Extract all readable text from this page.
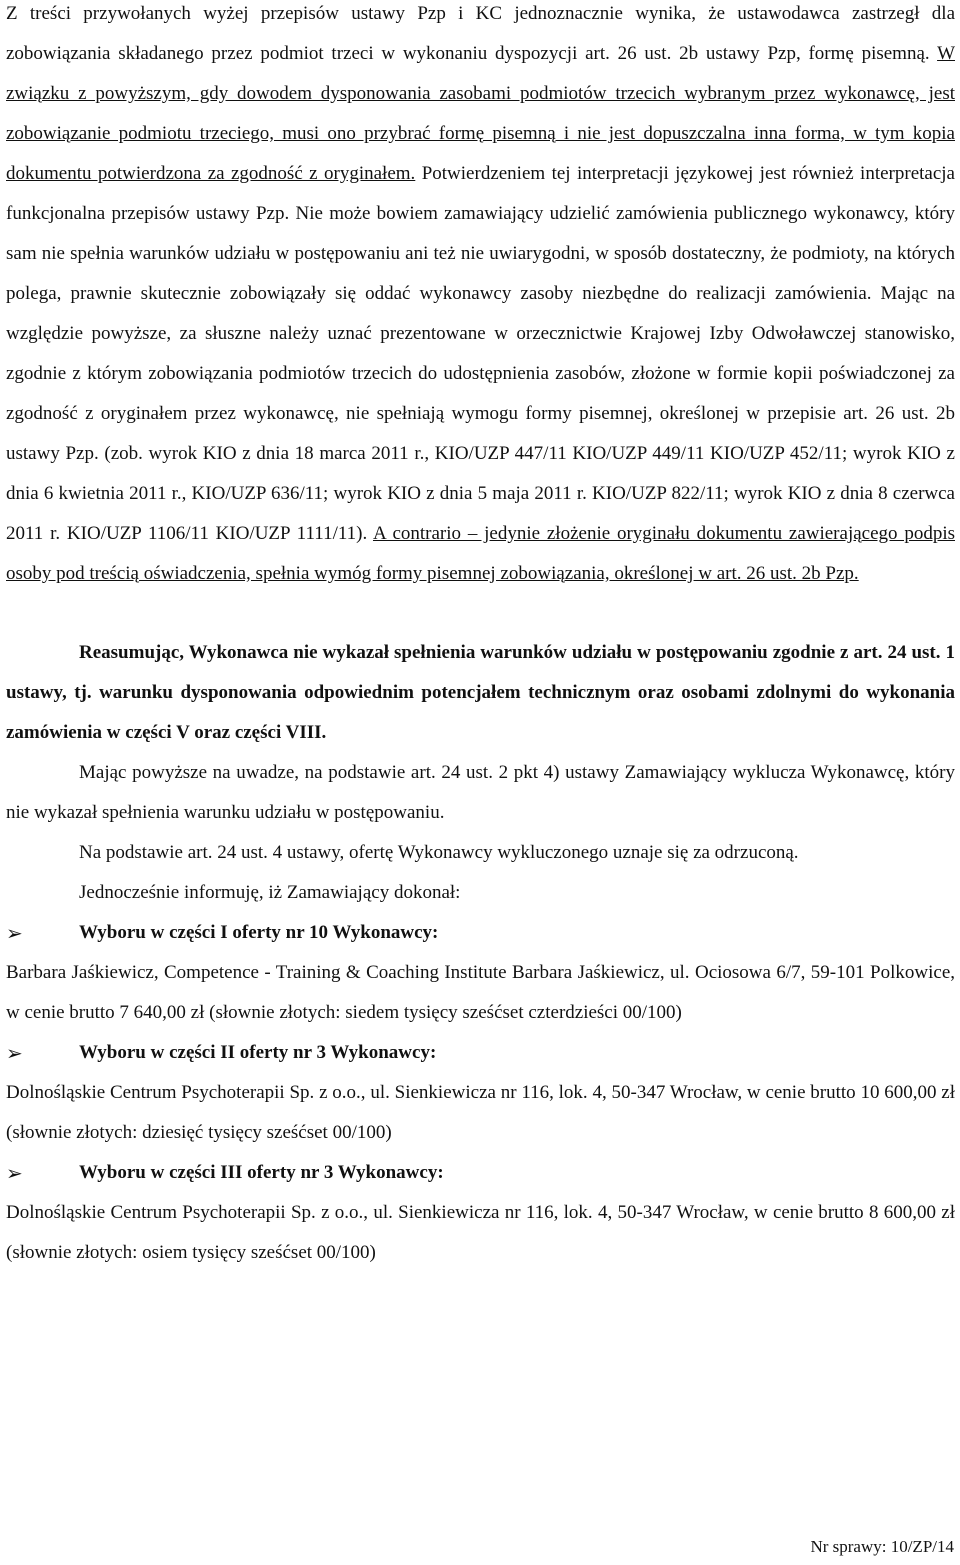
Z treści przywołanych wyżej przepisów ustawy Pzp i KC jednoznacznie wynika, że ustawodawca zastrzegł dla zobowiązania składanego przez podmiot trzeci w wykonaniu dyspozycji art. 26 ust. 2b ustawy Pzp, formę pisemną. W związku z powyższym, gdy dowodem dysponowania zasobami podmiotów trzecich wybranym przez wykonawcę, jest zobowiązanie podmiotu trzeciego, musi ono przybrać formę pisemną i nie jest dopuszczalna inna forma, w tym kopia dokumentu potwierdzona za zgodność z oryginałem. Potwierdzeniem tej interpretacji językowej jest również interpretacja funkcjonalna przepisów ustawy Pzp. Nie może bowiem zamawiający udzielić zamówienia publicznego wykonawcy, który sam nie spełnia warunków udziału w postępowaniu ani też nie uwiarygodni, w sposób dostateczny, że podmioty, na których polega, prawnie skutecznie zobowiązały się oddać wykonawcy zasoby niezbędne do realizacji zamówienia. Mając na względzie powyższe, za słuszne należy uznać prezentowane w orzecznictwie Krajowej Izby Odwoławczej stanowisko, zgodnie z którym zobowiązania podmiotów trzecich do udostępnienia zasobów, złożone w formie kopii poświadczonej za zgodność z oryginałem przez wykonawcę, nie spełniają wymogu formy pisemnej, określonej w przepisie art. 26 ust. 2b ustawy Pzp. (zob. wyrok KIO z dnia 18 marca 2011 r., KIO/UZP 447/11 KIO/UZP 449/11 KIO/UZP 452/11; wyrok KIO z dnia 6 kwietnia 2011 r., KIO/UZP 636/11; wyrok KIO z dnia 5 maja 2011 r. KIO/UZP 822/11; wyrok KIO z dnia 8 czerwca 2011 r. KIO/UZP 1106/11 KIO/UZP 1111/11). A contrario – jedynie złożenie oryginału dokumentu zawierającego podpis osoby pod treścią oświadczenia, spełnia wymóg formy pisemnej zobowiązania, określonej w art. 26 ust. 2b Pzp.

Reasumując, Wykonawca nie wykazał spełnienia warunków udziału w postępowaniu zgodnie z art. 24 ust. 1 ustawy, tj. warunku dysponowania odpowiednim potencjałem technicznym oraz osobami zdolnymi do wykonania zamówienia w części V oraz części VIII.

Mając powyższe na uwadze, na podstawie art. 24 ust. 2 pkt 4) ustawy Zamawiający wyklucza Wykonawcę, który nie wykazał spełnienia warunku udziału w postępowaniu.

Na podstawie art. 24 ust. 4 ustawy, ofertę Wykonawcy wykluczonego uznaje się za odrzuconą.

Jednocześnie informuję, iż Zamawiający dokonał:

➢	Wyboru w części I oferty nr 10 Wykonawcy:

Barbara Jaśkiewicz, Competence - Training & Coaching Institute Barbara Jaśkiewicz, ul. Ociosowa 6/7, 59-101 Polkowice, w cenie brutto 7 640,00 zł (słownie złotych: siedem tysięcy sześćset czterdzieści 00/100)

➢	Wyboru w części II oferty nr 3 Wykonawcy:

Dolnośląskie Centrum Psychoterapii Sp. z o.o., ul. Sienkiewicza nr 116, lok. 4, 50-347 Wrocław, w cenie brutto 10 600,00 zł (słownie złotych: dziesięć tysięcy sześćset 00/100)

➢	Wyboru w części III oferty nr 3 Wykonawcy:

Dolnośląskie Centrum Psychoterapii Sp. z o.o., ul. Sienkiewicza nr 116, lok. 4, 50-347 Wrocław, w cenie brutto 8 600,00 zł (słownie złotych: osiem tysięcy sześćset 00/100)

Nr sprawy: 10/ZP/14
